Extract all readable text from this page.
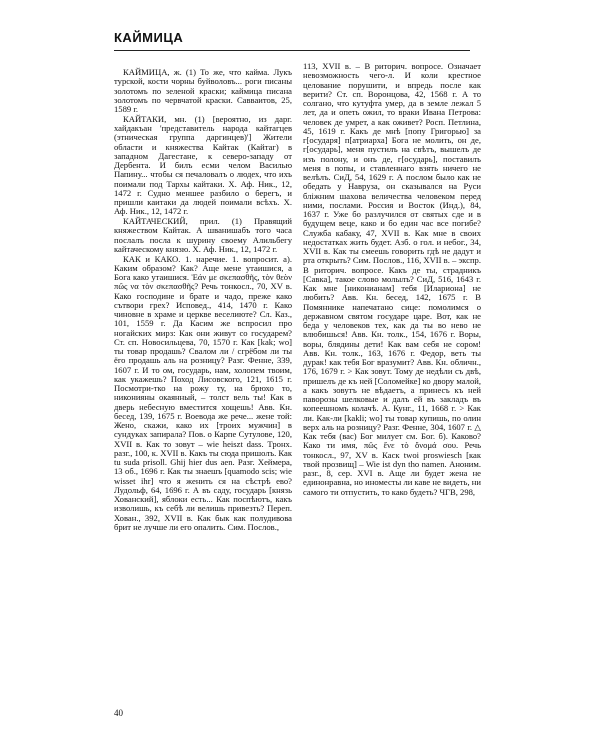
КАЙМИЦА

КАЙМИЦА, ж. (1) То же, что каймa. Лукъ турской, кости чорны буйволовъ... роги писаны золотомъ по зеленой краски; каймица писана золотомъ по червчатой краски. Савваитов, 25, 1589 г.

КАЙТАКИ, мн. (1) [вероятно, из дарг. хайдакъан 'представитель народа кайтагцев (этническая группа даргинцев)'] Жители области и княжества Кайтак (Кайтаг) в западном Дагестане, к северо-западу от Дербента. И билъ есми челом Василью Папину... чтобы ся печаловалъ о людех, что ихъ поимали под Тархы кайтаки. Х. Аф. Ник., 12, 1472 г. Судно меншее разбило о берегъ, и пришли каитаки да людей поимали всѣхъ. Х. Аф. Ник., 12, 1472 г.

КАЙТАЧЕСКИЙ, прил. (1) Правящий княжеством Кайтак. А шванишабъ того часа послалъ посла к шурину своему Алильбегу кайтаческому князю. Х. Аф. Ник., 12, 1472 г.

КАК и КАКО. 1. наречие. 1. вопросит. а). Каким образом? Как? Аще мене утаишися, а Бога како утаишися. Ἐάν με σκεπασθῆς, τὸν θεὸν πῶς να τὸν σκεπασθῆς? Речь тонкосл., 70, XV в. Како господине и брате и чадо, преже како сътвори грех? Исповед., 414, 1470 г. Како чиновне в храме и церкве веселиюте? Сл. Каз., 101, 1559 г. Да Касим же вспросил про ногайских мирз: Как они живут со государем? Ст. сп. Новосильцева, 70, 1570 г. Как [kak; wo] ты товар продашь? Свалом ли / сгрёбом ли ты ёго продашь аль на розницу? Разг. Фенне, 339, 1607 г. И то ом, государь, нам, холопем твоим, как укажешь? Поход Лисовского, 121, 1615 г. Посмотри-тко на рожу ту, на брюхо то, никонияны окаянный, – толст вель ты! Как в дверь небесную вместится хощешь! Авв. Кн. бесед, 139, 1675 г. Воевода же рече... жене той: Жено, скажи, како их [троих мужчин] в сундуках запирала? Пов. о Карпе Сутулове, 120, XVII в. Как то зовут – wie heiszt dass. Тронх. разг., 100, к. XVII в. Какъ ты сюда пришолъ. Как tu suda prisoll. Ghij hier dus aen. Разг. Хеймера, 13 об., 1696 г. Как ты знаешъ [quamodo scis; wie wisset ihr] что я женить ся на сѣстрѣ ево? Лудольф, 64, 1696 г. А въ саду, государь [князь Хованский], яблоки есть... Как поспѣютъ, какъ изволишь, къ себѣ ли велишь привезть? Переп. Хован., 392, XVII в. Как бык как полудивова брит не лучше ли его опалить. Сим. Послов.,

113, XVII в. – В риторич. вопросе. Означает невозможность чего-л. И коли крестное целование порушити, и впредь после как верити? Ст. сп. Воронцова, 42, 1568 г. А то солгано, что кутуфта умер, да в земле лежал 5 лет, да и опеть ожил, то враки Ивана Петрова: человек де умрет, а как оживет? Росп. Петлина, 45, 1619 г. Какъ де мнѣ [попу Григорью] за г[осударя] п[атриарха] Бога не молить, он де, г[осударь], меня пустилъ на свѣтъ, вышелъ де изъ полону, и онъ де, г[осударь], поставилъ меня в попы, и ставленнаго взять ничего не велѣлъ. СиД, 54, 1629 г. А послом было как не обедать у Наврузa, он сказывался на Руси бліжним шахова величества человеком перед ними, послами. Россия и Восток (Инд.), 84, 1637 г. Уже бо разлучился от святых сде и в будущем веце, како и бо един час все погибе? Служба кабаку, 47, XVII в. Как мне в своих недостатках жить будет. Азб. о гол. и небог., 34, XVII в. Как ты смеешь говорить гдѣ не дадут и рта открыть? Сим. Послов., 116, XVII в. – экспр. В риторич. вопросе. Какъ де ты, страдникъ [Савка], такое слово молылъ? СиД, 516, 1643 г. Как мне [никонианам] тебя [Илариона] не любить? Авв. Кн. бесед, 142, 1675 г. В Помяннике напечатано сице: помолимся о державном святом государе царе. Вот, как не беда у человеков тех, как да ты во нево не влюбишься! Авв. Кн. толк., 154, 1676 г. Воры, воры, блядины дети! Как вам себя не сором! Авв. Кн. толк., 163, 1676 г. Федор, веть ты дурак! как тебя Бог вразумит? Авв. Кн. обличн., 176, 1679 г. > Как зовут. Тому де недѣли съ двѣ, пришелъ де къ ней [Соломейке] ко двору малой, а какъ зовутъ не вѣдаетъ, а принесъ къ ней паворозы шелковые и далъ ей въ закладъ въ копеешномъ колачѣ. А. Кунг., 11, 1668 г. > Как ли. Как-ли [kakli; wo] ты товар купишь, по олин верх аль на розницу? Разг. Фенне, 304, 1607 г. △ Как тебя (вас) Бог милует см. Бог. б). Каково? Како ти имя, πῶς ἔνε τὸ ὄνομά σου. Речь тонкосл., 97, XV в. Каск twoi proswiesch [как твой прозвищ] – Wie ist dyn tho namen. Аноним. разг., 8, сер. XVI в. Аще ли будет жена не единонравна, но иноместы ли каве не видеть, ни самого ти отпустить, то како будеть? ЧГВ, 298,

40
